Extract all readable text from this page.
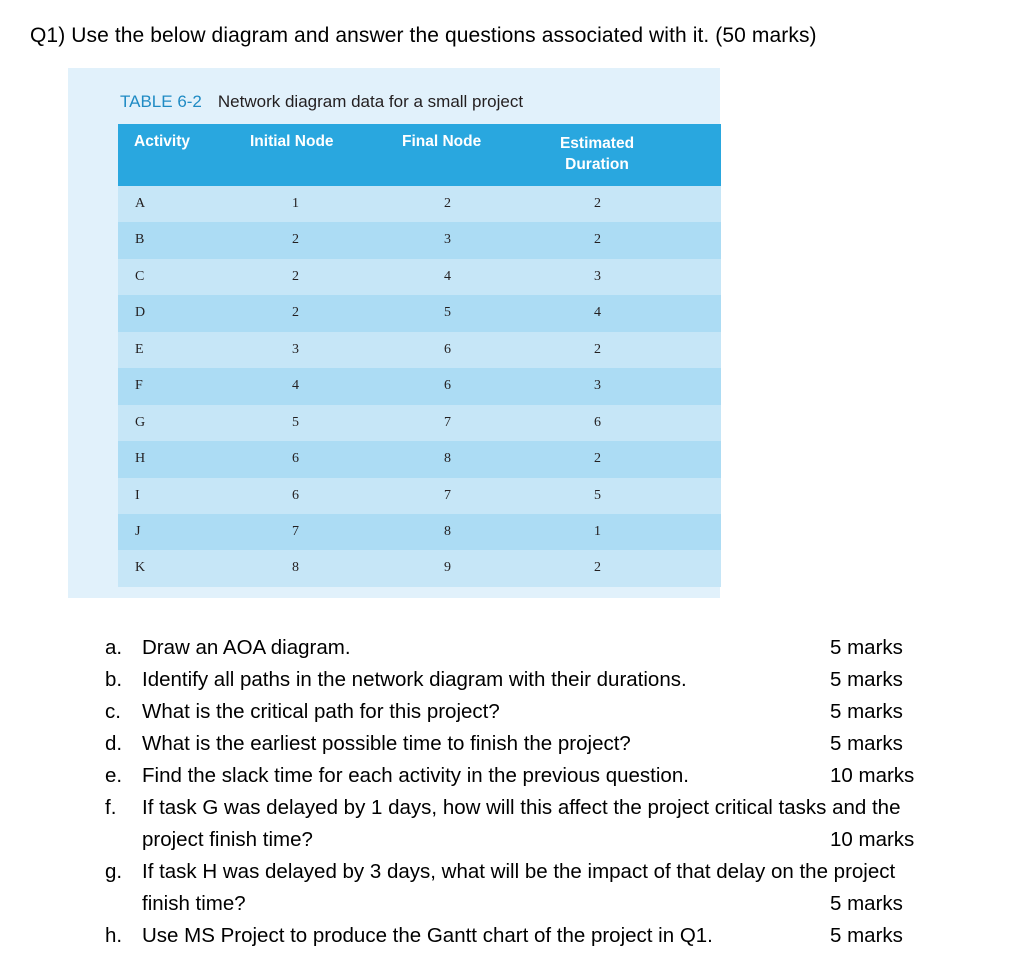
Q1) Use the below diagram and answer the questions associated with it. (50 marks)
TABLE 6-2 Network diagram data for a small project
Activity	Initial Node	Final Node	Estimated
Duration
A	1	2	2
B	2	3	2
C	2	4	3
D	2	5	4
E	3	6	2
F	4	6	3
G	5	7	6
H	6	8	2
I	6	7	5
J	7	8	1
K	8	9	2
a. Draw an AOA diagram.	5 marks
b. Identify all paths in the network diagram with their durations.	5 marks
c. What is the critical path for this project?	5 marks
d. What is the earliest possible time to finish the project?	5 marks
e. Find the slack time for each activity in the previous question.	10 marks
f. If task G was delayed by 1 days, how will this affect the project critical tasks and the
project finish time?	10 marks
g. If task H was delayed by 3 days, what will be the impact of that delay on the project
finish time?	5 marks
h. Use MS Project to produce the Gantt chart of the project in Q1.	5 marks
